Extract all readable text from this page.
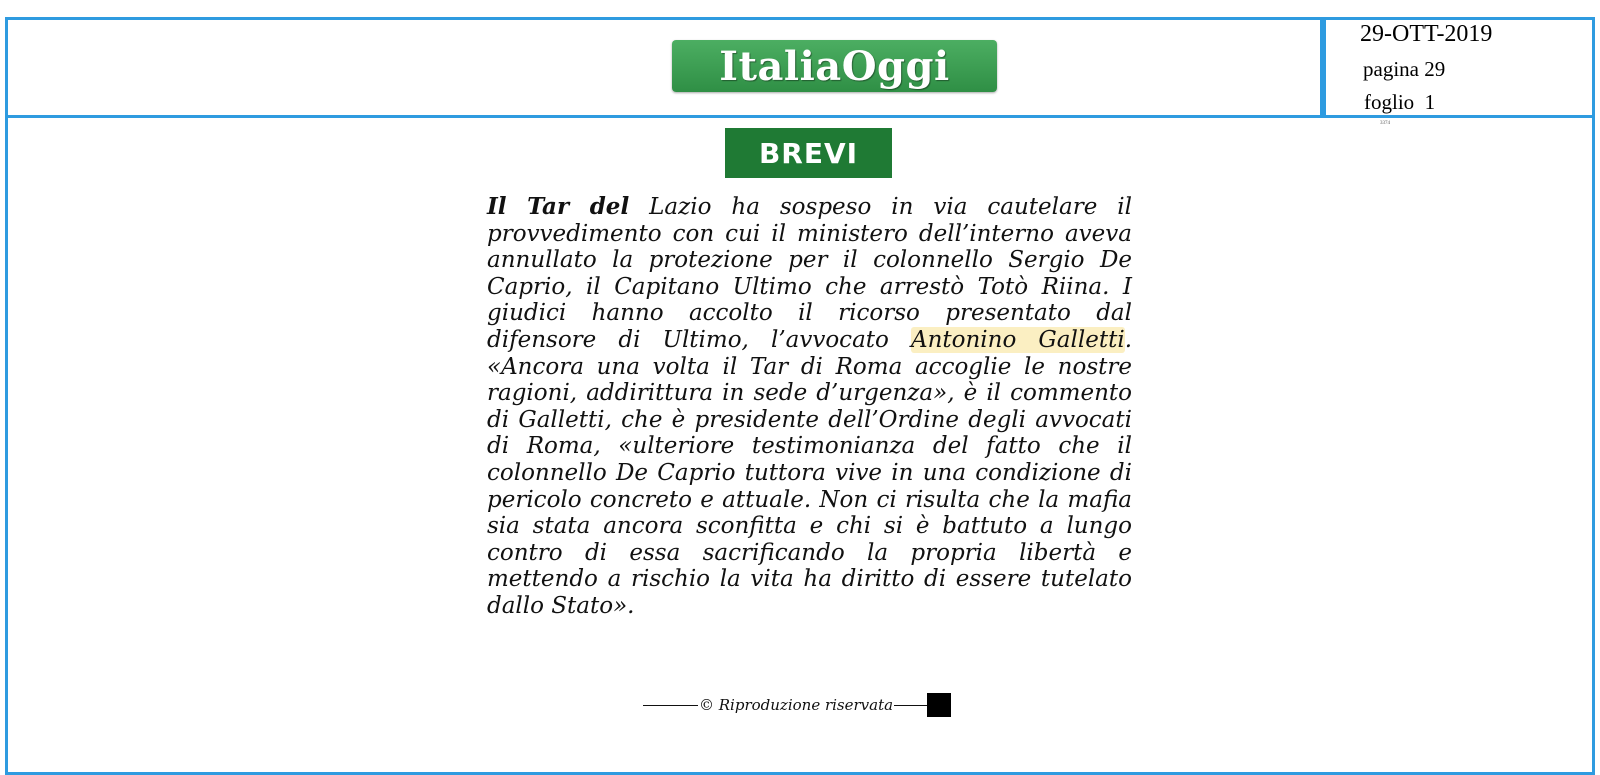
ItaliaOggi
29-OTT-2019
pagina 29
foglio  1
3374
BREVI
Il Tar del Lazio ha sospeso in via cautelare il provvedimento con cui il ministero dell’interno aveva annullato la protezione per il colonnello Sergio De Caprio, il Capitano Ultimo che arrestò Totò Riina. I giudici hanno accolto il ricorso presentato dal difensore di Ultimo, l’avvocato Antonino Galletti. «Ancora una volta il Tar di Roma accoglie le nostre ragioni, addirittura in sede d’urgenza», è il commento di Galletti, che è presidente dell’Ordine degli avvocati di Roma, «ulteriore testimonianza del fatto che il colonnello De Caprio tuttora vive in una condizione di pericolo concreto e attuale. Non ci risulta che la mafia sia stata ancora sconfitta e chi si è battuto a lungo contro di essa sacrificando la propria libertà e mettendo a rischio la vita ha diritto di essere tutelato dallo Stato».
© Riproduzione riservata
